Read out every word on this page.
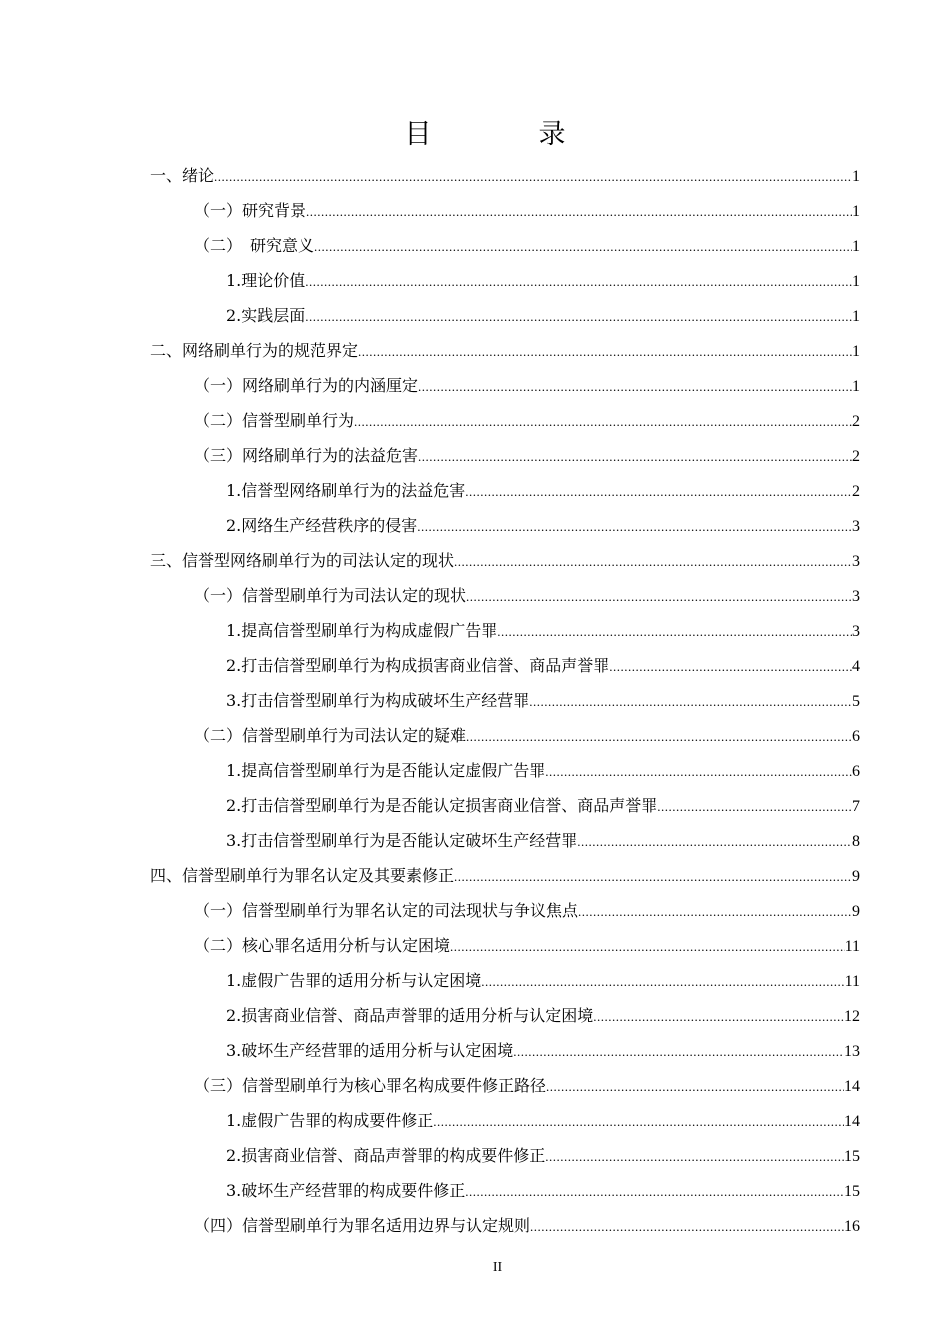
目　录
一、绪论 .....	1
（一）研究背景 .....	1
（二）　研究意义 .....	1
1.理论价值 .....	1
2.实践层面 .....	1
二、网络刷单行为的规范界定 .....	1
（一）网络刷单行为的内涵厘定 .....	1
（二）信誉型刷单行为 .....	2
（三）网络刷单行为的法益危害 .....	2
1.信誉型网络刷单行为的法益危害 .....	2
2.网络生产经营秩序的侵害 .....	3
三、信誉型网络刷单行为的司法认定的现状 .....	3
（一）信誉型刷单行为司法认定的现状 .....	3
1.提高信誉型刷单行为构成虚假广告罪 .....	3
2.打击信誉型刷单行为构成损害商业信誉、商品声誉罪 .....	4
3.打击信誉型刷单行为构成破坏生产经营罪 .....	5
（二）信誉型刷单行为司法认定的疑难 .....	6
1.提高信誉型刷单行为是否能认定虚假广告罪 .....	6
2.打击信誉型刷单行为是否能认定损害商业信誉、商品声誉罪 .....	7
3.打击信誉型刷单行为是否能认定破坏生产经营罪 .....	8
四、信誉型刷单行为罪名认定及其要素修正 .....	9
（一）信誉型刷单行为罪名认定的司法现状与争议焦点 .....	9
（二）核心罪名适用分析与认定困境 .....	11
1.虚假广告罪的适用分析与认定困境 .....	11
2.损害商业信誉、商品声誉罪的适用分析与认定困境 .....	12
3.破坏生产经营罪的适用分析与认定困境 .....	13
（三）信誉型刷单行为核心罪名构成要件修正路径 .....	14
1.虚假广告罪的构成要件修正 .....	14
2.损害商业信誉、商品声誉罪的构成要件修正 .....	15
3.破坏生产经营罪的构成要件修正 .....	15
（四）信誉型刷单行为罪名适用边界与认定规则 .....	16
II
